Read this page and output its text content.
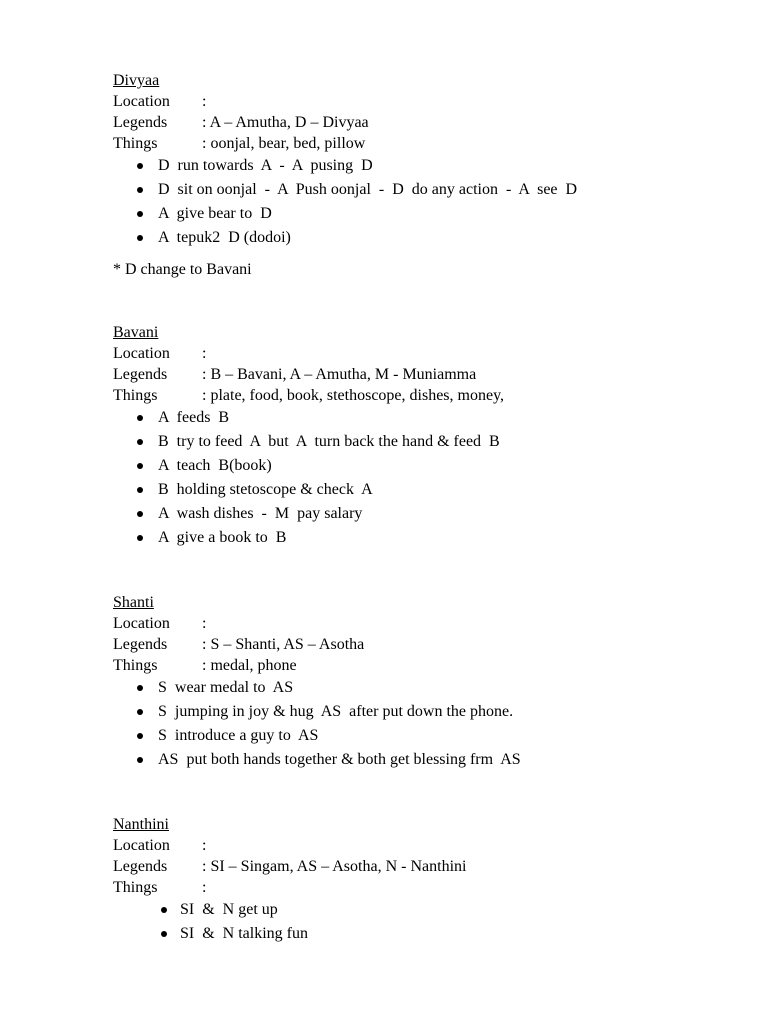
Divyaa
Location	:
Legends	: A – Amutha, D – Divyaa
Things	: oonjal, bear, bed, pillow
D  run towards  A  -  A  pusing  D
D  sit on oonjal  -  A  Push oonjal  -  D  do any action  -  A  see  D
A  give bear to  D
A  tepuk2  D (dodoi)
* D change to Bavani
Bavani
Location	:
Legends	: B – Bavani, A – Amutha, M - Muniamma
Things	: plate, food, book, stethoscope, dishes, money,
A  feeds  B
B  try to feed  A  but  A  turn back the hand & feed  B
A  teach  B(book)
B  holding stetoscope & check  A
A  wash dishes  -  M  pay salary
A  give a book to  B
Shanti
Location	:
Legends	: S – Shanti, AS – Asotha
Things	: medal, phone
S  wear medal to  AS
S  jumping in joy & hug  AS  after put down the phone.
S  introduce a guy to  AS
AS  put both hands together & both get blessing frm  AS
Nanthini
Location	:
Legends	: SI – Singam, AS – Asotha, N - Nanthini
Things	:
SI  &  N get up
SI  &  N talking fun
